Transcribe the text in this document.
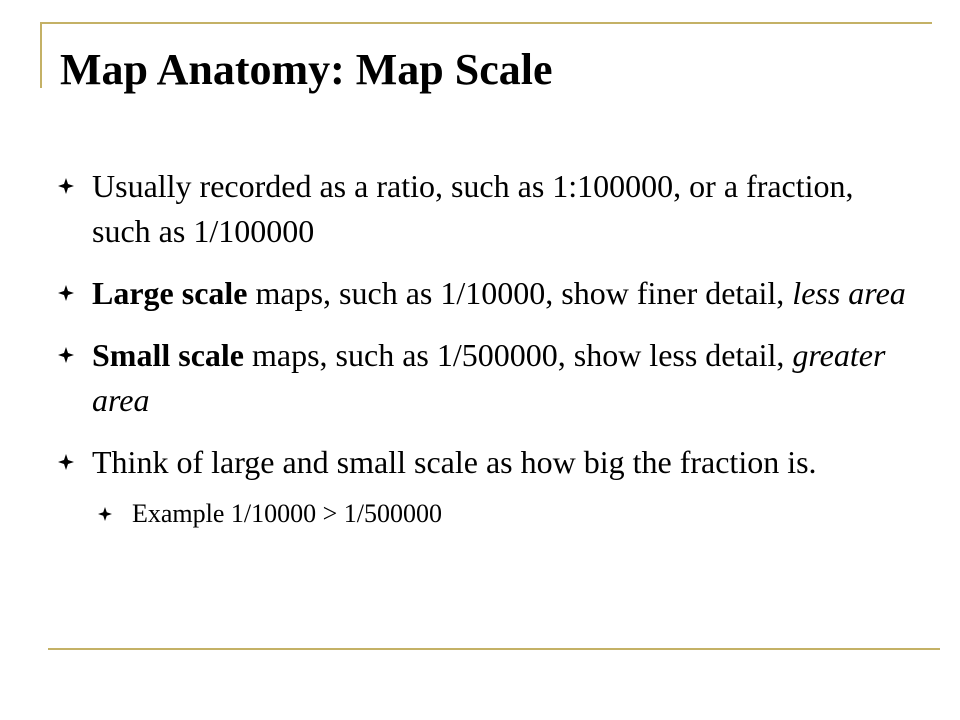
Map Anatomy: Map Scale
Usually recorded as a ratio, such as 1:100000, or a fraction, such as 1/100000
Large scale maps, such as 1/10000, show finer detail, less area
Small scale maps, such as 1/500000, show less detail, greater area
Think of large and small scale as how big the fraction is.
Example 1/10000 > 1/500000
